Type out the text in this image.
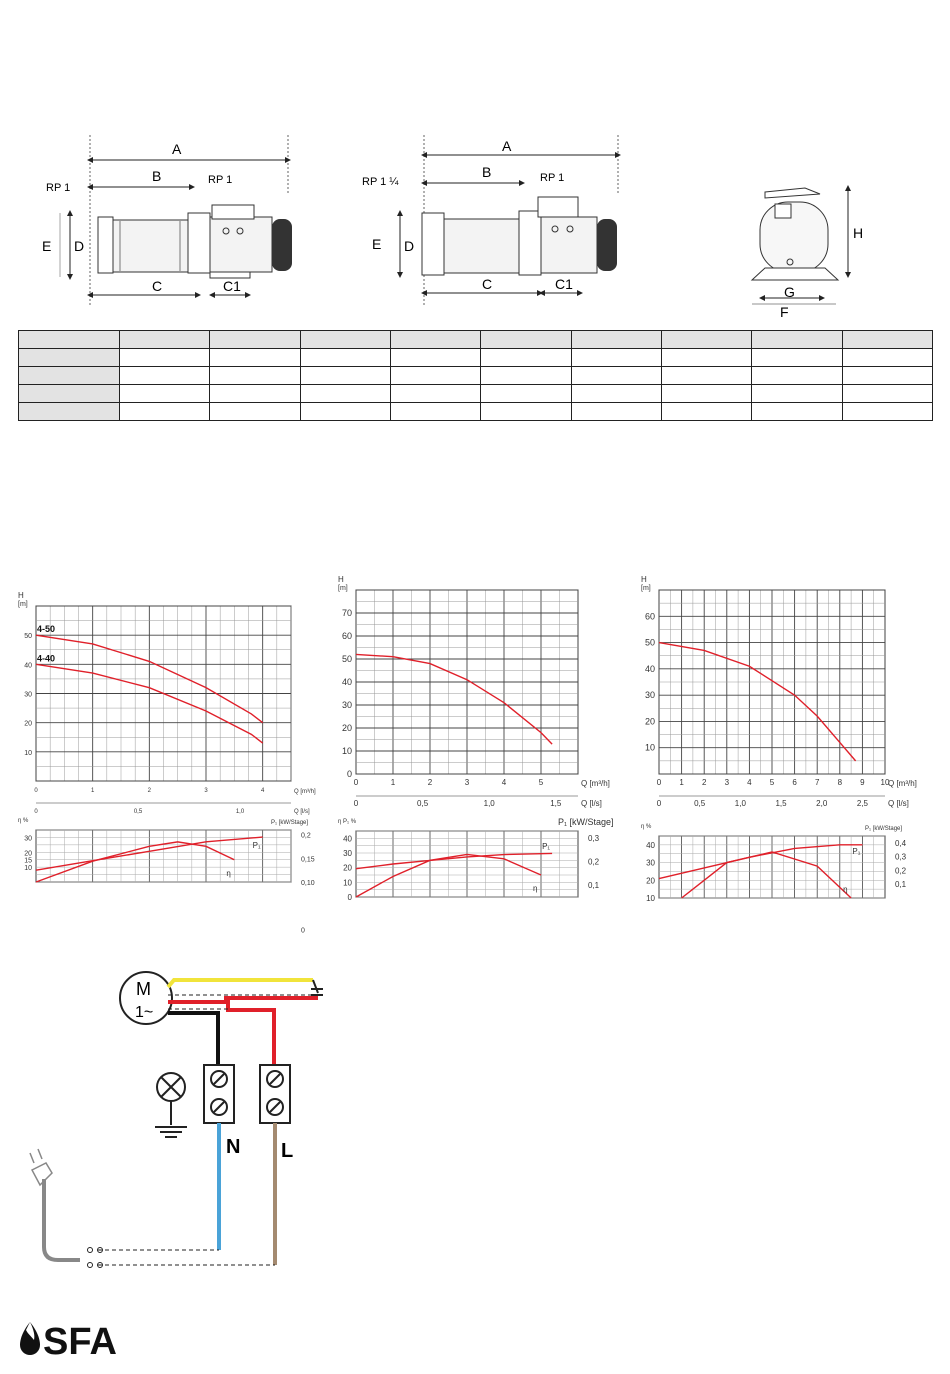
A
B
C	C1
D
E
RP 1
RP 1
A
B
C	C1
D
E
RP 1 ¼	RP 1
H
G
F

10
20
30
40
50
0	1	2	3	4
0	0,5	1,0
Q [m³/h]
Q [l/s]
H
[m]
4-50
4-40
10
15
20
30
η %	P₁ [kW/Stage]
0
0,10
0,15
0,2
P₁
η
0
10
20
30
40
50
60
70
0	1	2	3	4	5
0	0,5	1,0	1,5
Q [m³/h]
Q [l/s]
H
[m]
0
10
20
30
40
η P₁ %	P₁ [kW/Stage]
0,1
0,2
0,3
P₁
η
10
20
30
40
50
60
0 1 2 3 4 5 6 7 8 9 10
0	0,5	1,0	1,5	2,0	2,5
Q [m³/h]
Q [l/s]
H
[m]
10
20
30
40
η %	P₁ [kW/Stage]
0,1
0,2
0,3
0,4
P₁
η
M
1~
N L
SFA
